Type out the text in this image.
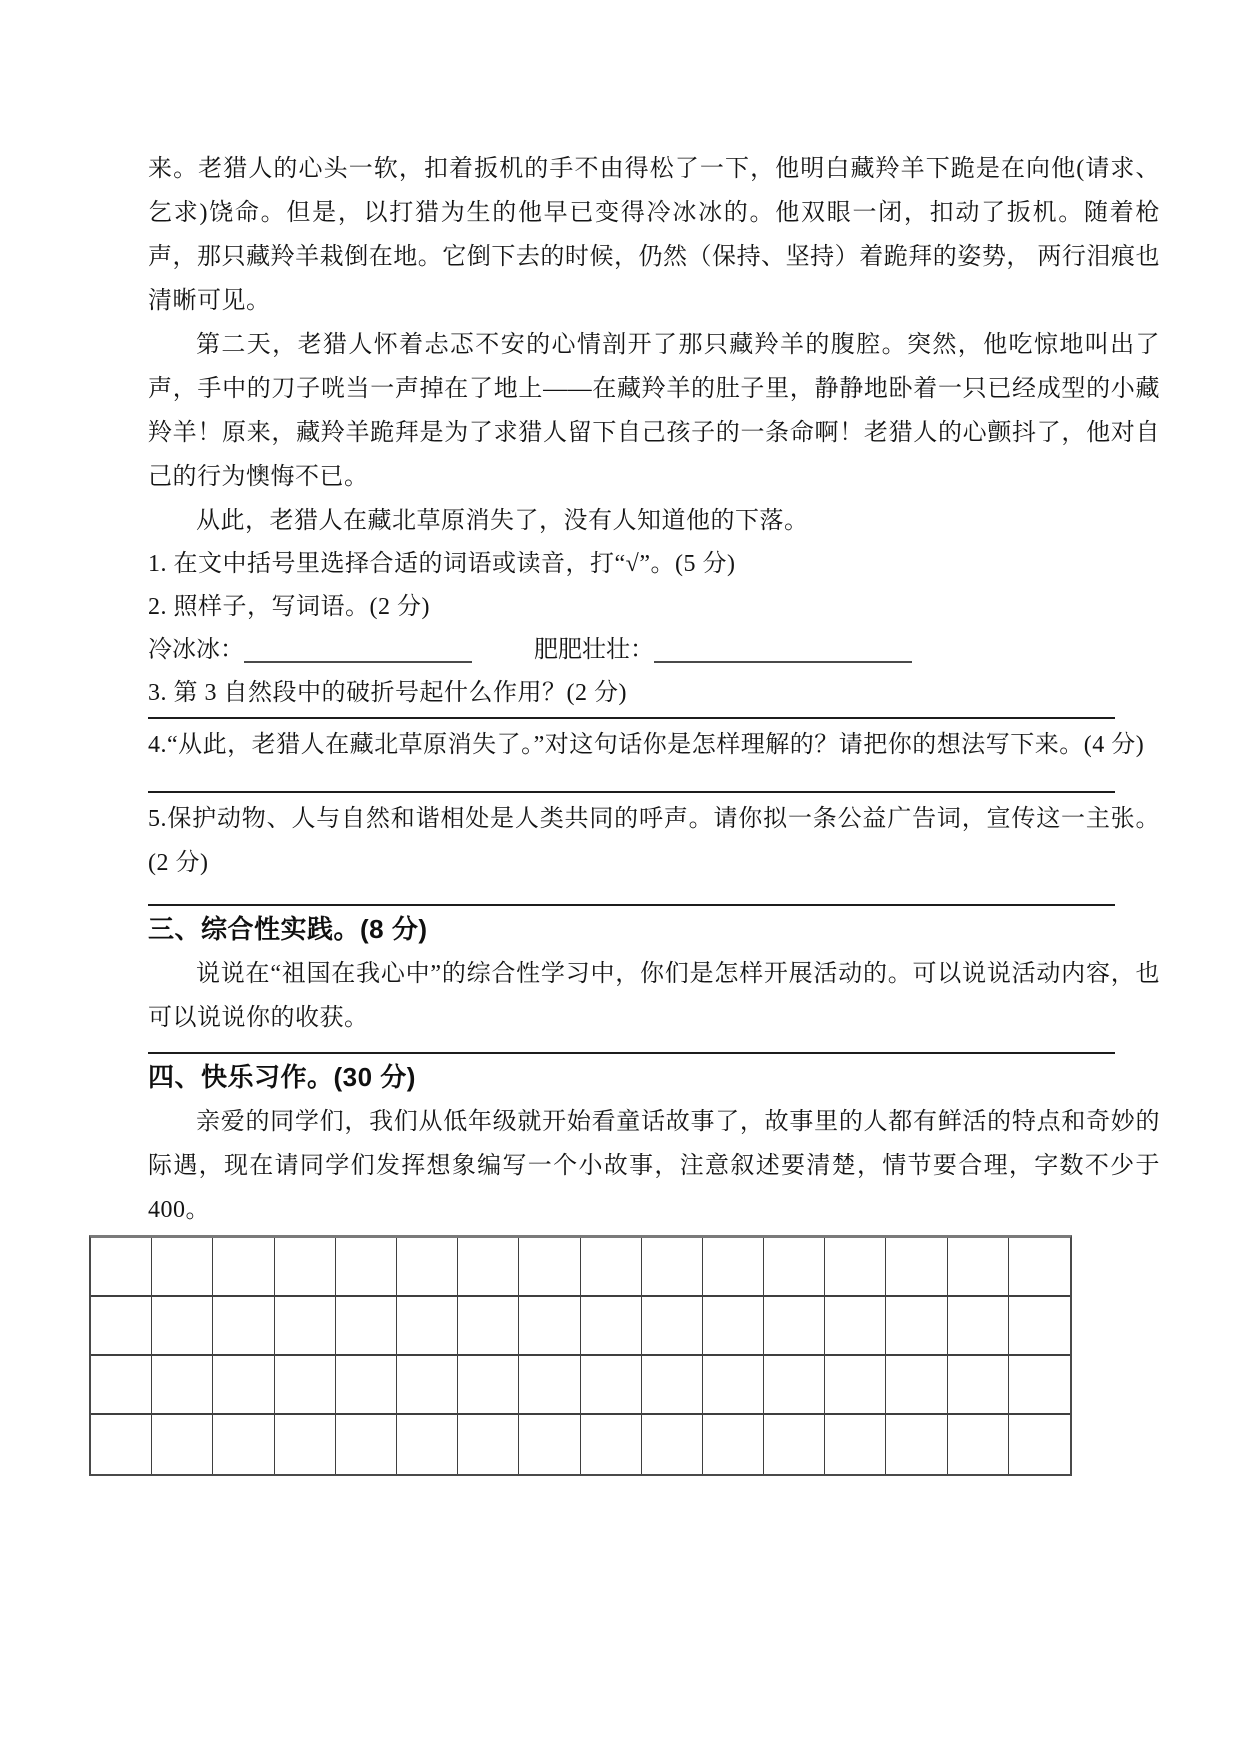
来。老猎人的心头一软，扣着扳机的手不由得松了一下，他明白藏羚羊下跪是在向他(请求、乞求)饶命。但是，以打猎为生的他早已变得冷冰冰的。他双眼一闭，扣动了扳机。随着枪声，那只藏羚羊栽倒在地。它倒下去的时候，仍然（保持、坚持）着跪拜的姿势， 两行泪痕也清晰可见。

第二天，老猎人怀着忐忑不安的心情剖开了那只藏羚羊的腹腔。突然，他吃惊地叫出了声，手中的刀子咣当一声掉在了地上——在藏羚羊的肚子里，静静地卧着一只已经成型的小藏羚羊！原来，藏羚羊跪拜是为了求猎人留下自己孩子的一条命啊！老猎人的心颤抖了，他对自己的行为懊悔不已。

从此，老猎人在藏北草原消失了，没有人知道他的下落。

1. 在文中括号里选择合适的词语或读音，打“√”。(5 分)

2. 照样子，写词语。(2 分)

冷冰冰：	肥肥壮壮：

3. 第 3 自然段中的破折号起什么作用？(2 分)

4.“从此，老猎人在藏北草原消失了。”对这句话你是怎样理解的？请把你的想法写下来。(4 分)

5.保护动物、人与自然和谐相处是人类共同的呼声。请你拟一条公益广告词，宣传这一主张。(2 分)

三、综合性实践。(8 分)

说说在“祖国在我心中”的综合性学习中，你们是怎样开展活动的。可以说说活动内容，也可以说说你的收获。

四、快乐习作。(30 分)

亲爱的同学们，我们从低年级就开始看童话故事了，故事里的人都有鲜活的特点和奇妙的际遇，现在请同学们发挥想象编写一个小故事，注意叙述要清楚，情节要合理，字数不少于 400。
